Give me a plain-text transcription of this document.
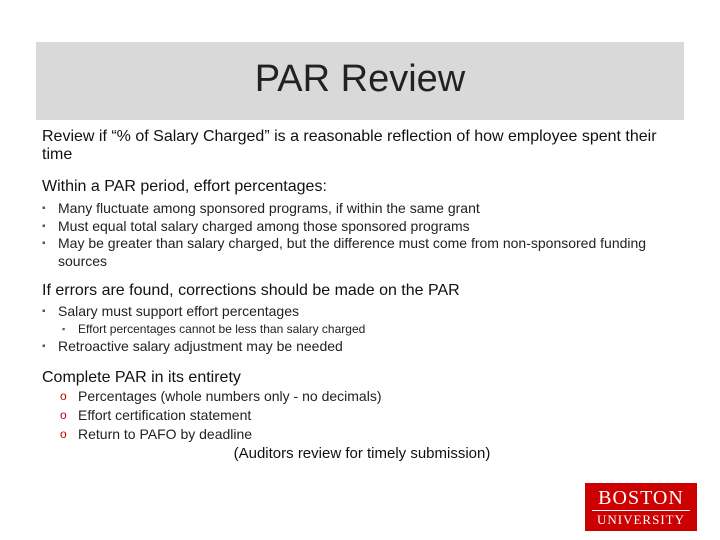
PAR Review

Review if “% of Salary Charged” is a reasonable reflection of how employee spent their time

Within a PAR period, effort percentages:

▪ Many fluctuate among sponsored programs, if within the same grant
▪ Must equal total salary charged among those sponsored programs
▪ May be greater than salary charged, but the difference must come from non-sponsored funding sources

If errors are found, corrections should be made on the PAR

▪ Salary must support effort percentages
▪ Effort percentages cannot be less than salary charged
▪ Retroactive salary adjustment may be needed

Complete PAR in its entirety

o Percentages (whole numbers only - no decimals)
o Effort certification statement
o Return to PAFO by deadline

(Auditors review for timely submission)

BOSTON
UNIVERSITY
